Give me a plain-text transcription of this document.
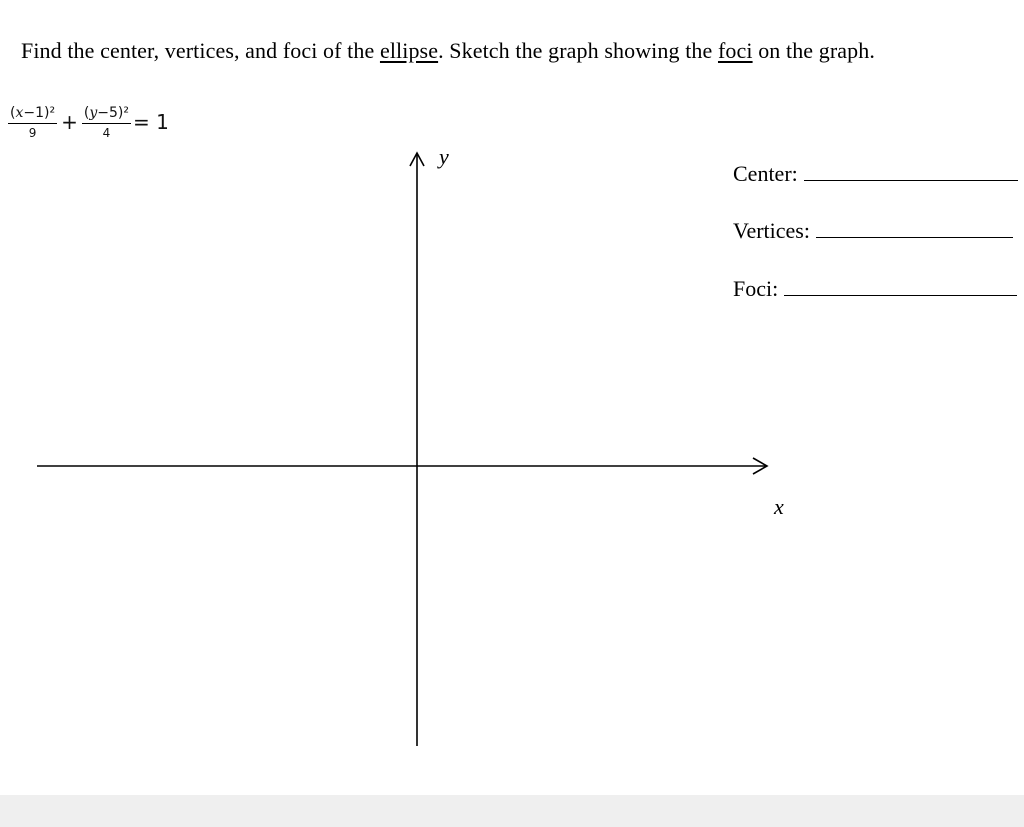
Find the center, vertices, and foci of the ellipse. Sketch the graph showing the foci on the graph.
$\frac{\text{(x−1)²}}{9} + \frac{\text{(y−5)²}}{4} = 1$
y
x
Center:
Vertices:
Foci:
